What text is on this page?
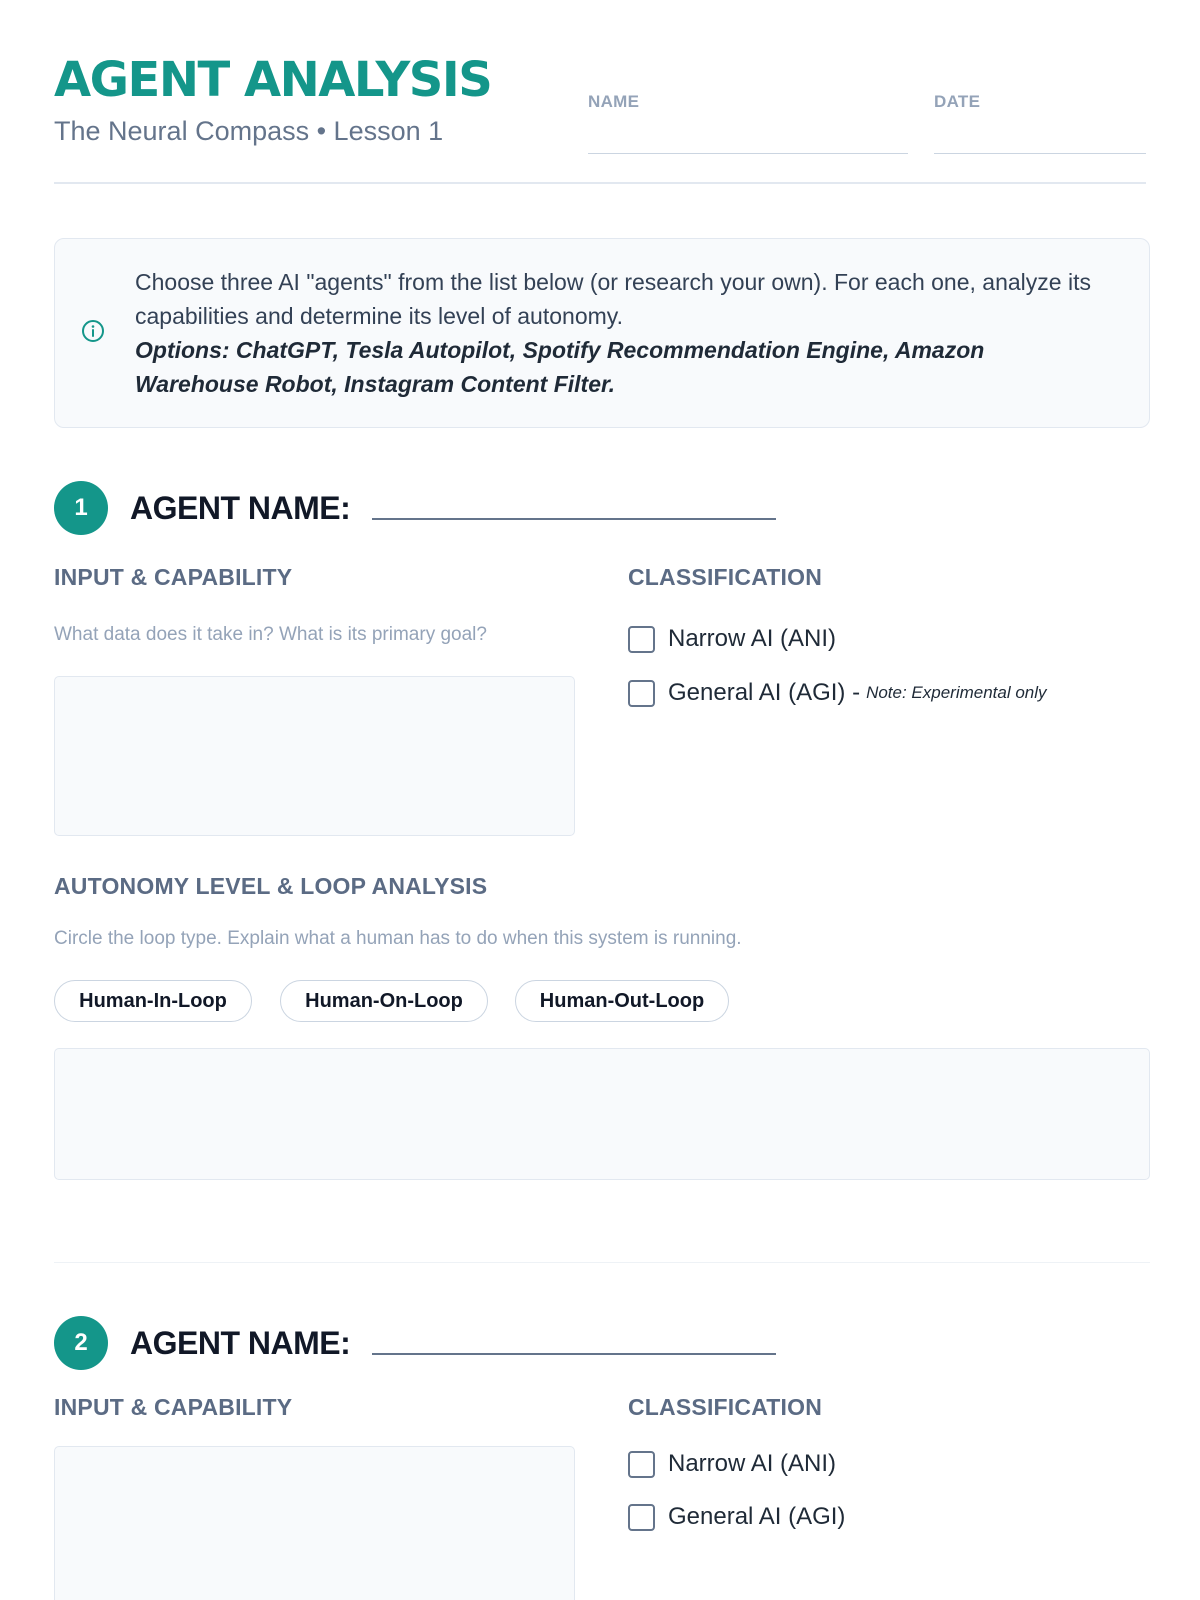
AGENT ANALYSIS
The Neural Compass • Lesson 1
NAME	DATE
Choose three AI "agents" from the list below (or research your own). For each one, analyze its capabilities and determine its level of autonomy.
Options: ChatGPT, Tesla Autopilot, Spotify Recommendation Engine, Amazon Warehouse Robot, Instagram Content Filter.
1	AGENT NAME:
INPUT & CAPABILITY
What data does it take in? What is its primary goal?
CLASSIFICATION
Narrow AI (ANI)
General AI (AGI) - Note: Experimental only
AUTONOMY LEVEL & LOOP ANALYSIS
Circle the loop type. Explain what a human has to do when this system is running.
Human-In-Loop	Human-On-Loop	Human-Out-Loop
2	AGENT NAME:
INPUT & CAPABILITY	CLASSIFICATION
Narrow AI (ANI)
General AI (AGI)
